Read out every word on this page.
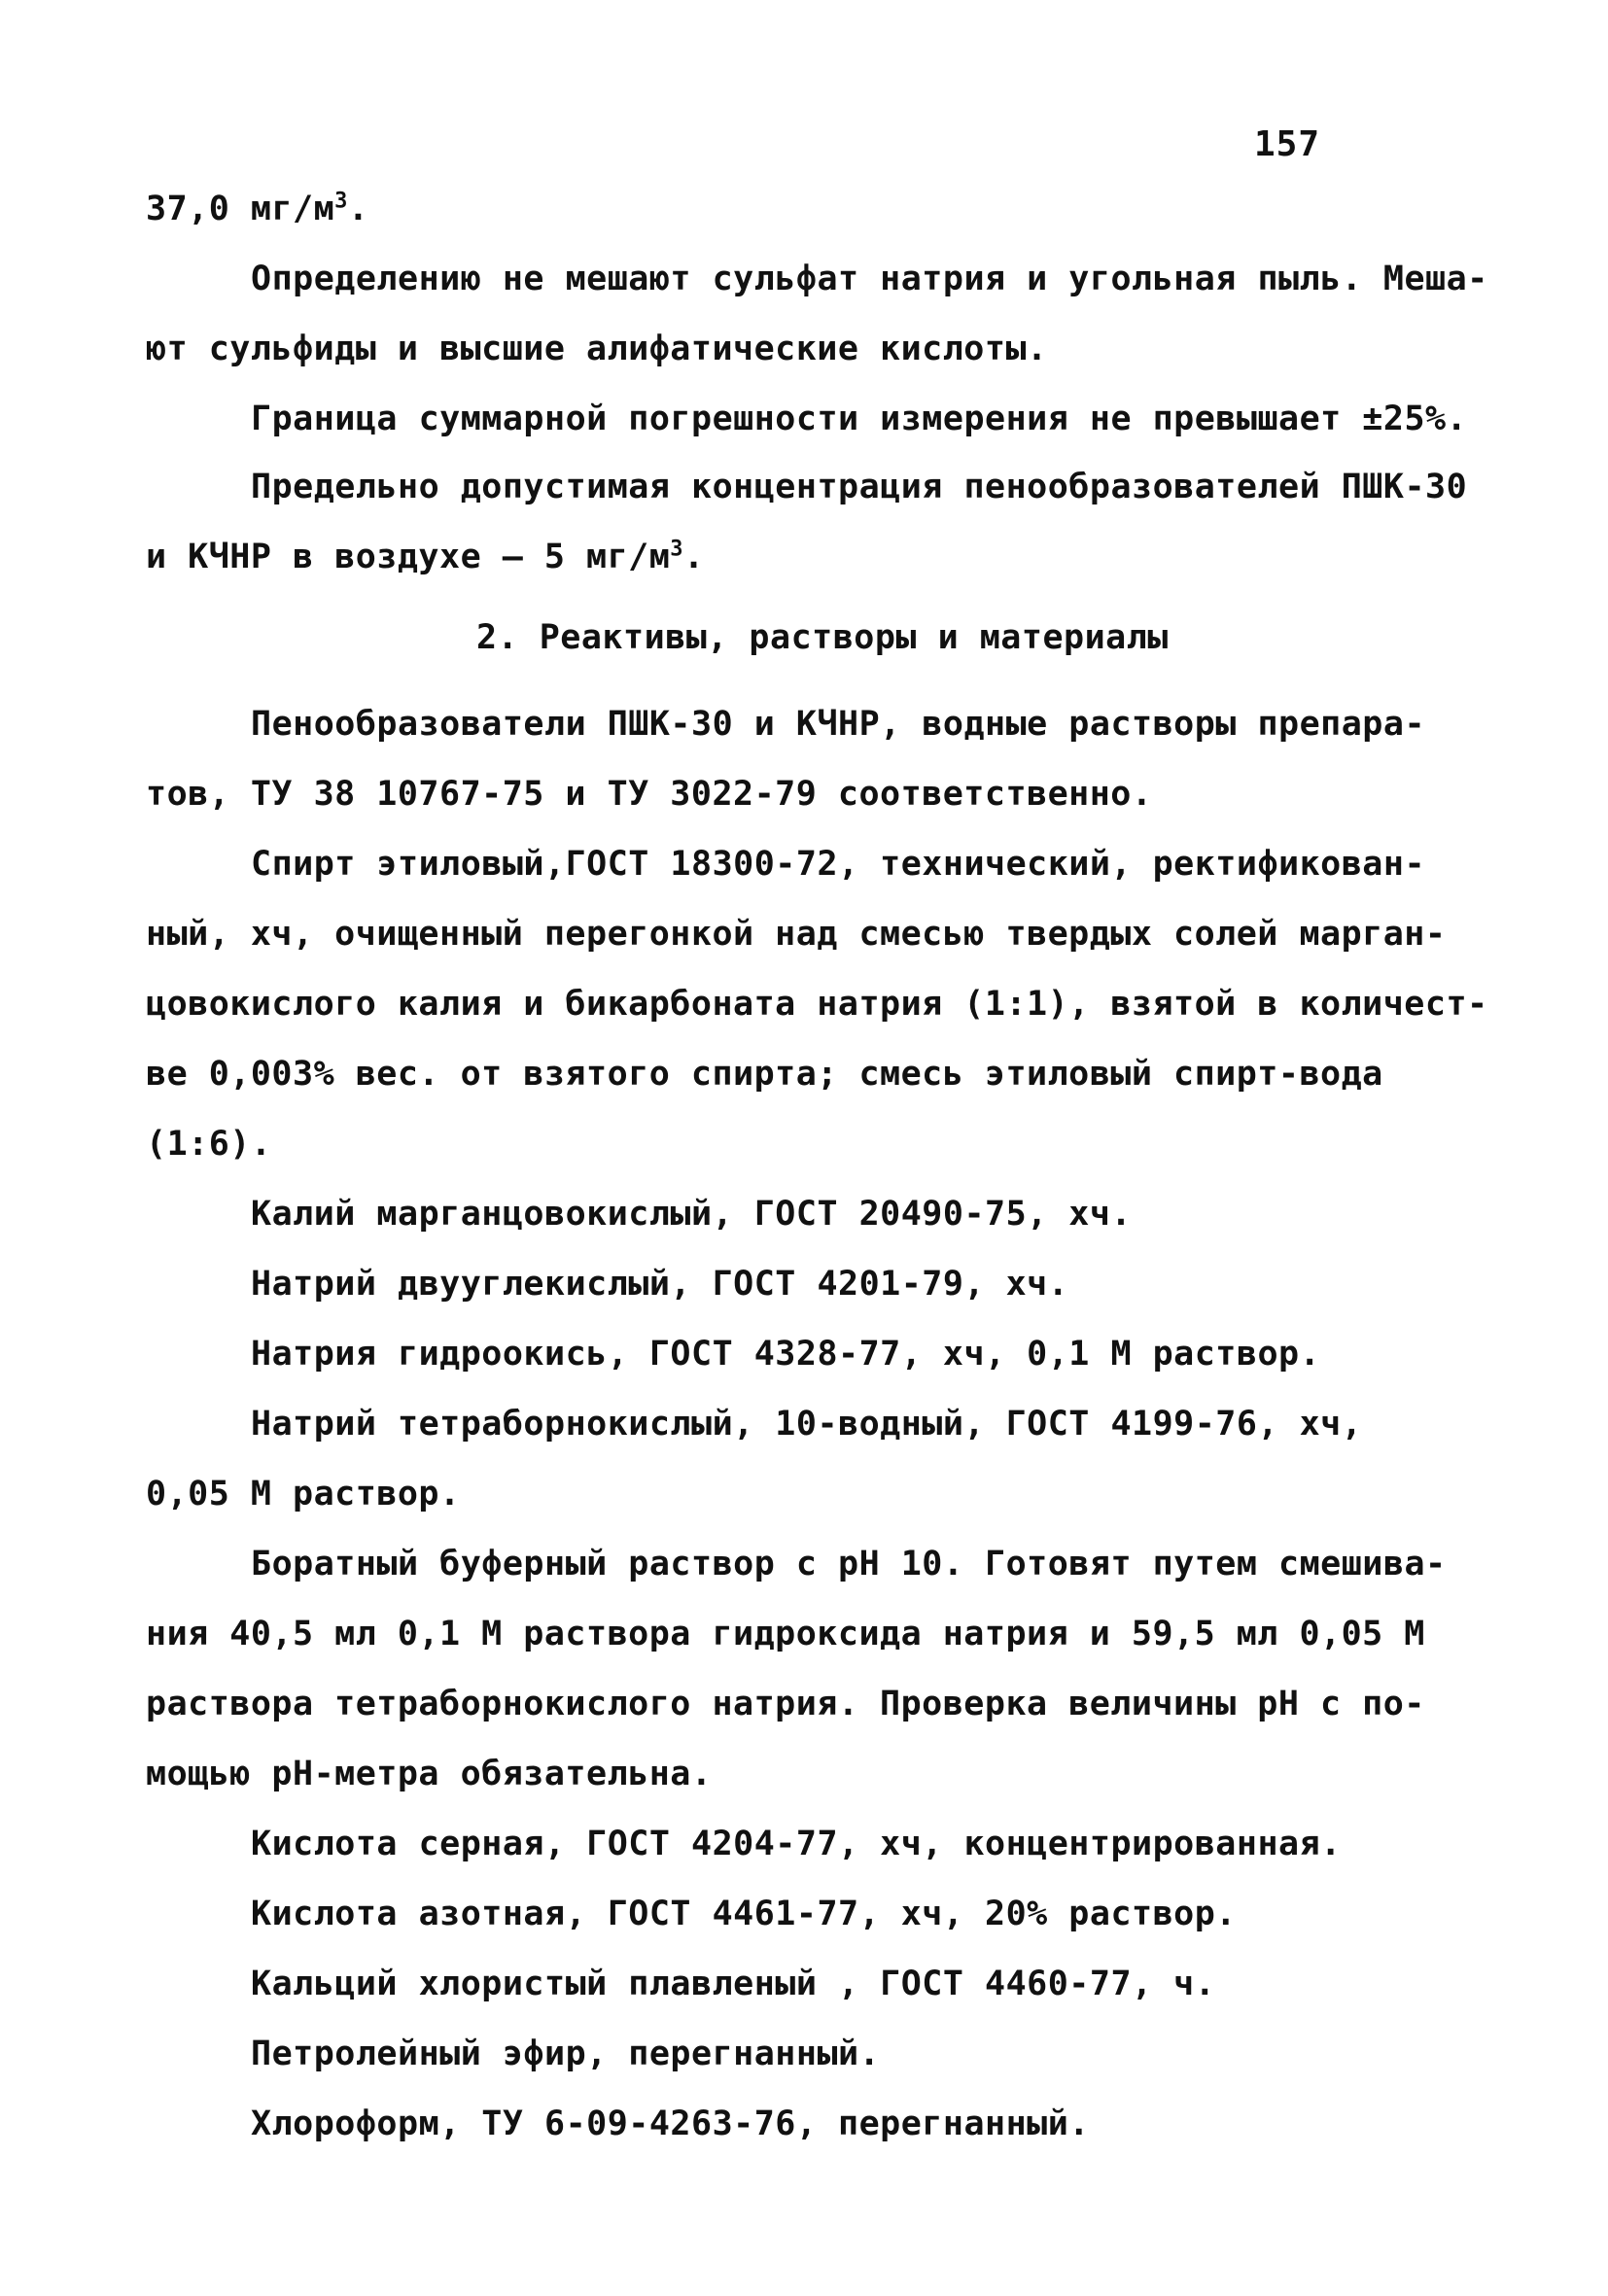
157
37,0 $мг/м^3$.
Определению не мешают сульфат натрия и угольная пыль. Меша-
ют сульфиды и высшие алифатические кислоты.
Граница суммарной погрешности измерения не превышает ±25%.
Предельно допустимая концентрация пенообразователей ПШК-30
и КЧНР в воздухе – 5 $мг/м^3$.
2. Реактивы, растворы и материалы
Пенообразователи ПШК-30 и КЧНР, водные растворы препара-
тов, ТУ 38 10767-75 и ТУ 3022-79 соответственно.
Спирт этиловый,ГОСТ 18300-72, технический, ректификован-
ный, хч, очищенный перегонкой над смесью твердых солей марган-
цовокислого калия и бикарбоната натрия (1:1), взятой в количест-
ве 0,003% вес. от взятого спирта; смесь этиловый спирт-вода
(1:6).
Калий марганцовокислый, ГОСТ 20490-75, хч.
Натрий двууглекислый, ГОСТ 4201-79, хч.
Натрия гидроокись, ГОСТ 4328-77, хч, 0,1 М раствор.
Натрий тетраборнокислый, 10-водный, ГОСТ 4199-76, хч,
0,05 М раствор.
Боратный буферный раствор с pH 10. Готовят путем смешива-
ния 40,5 мл 0,1 М раствора гидроксида натрия и 59,5 мл 0,05 М
раствора тетраборнокислого натрия. Проверка величины pH с по-
мощью pH-метра обязательна.
Кислота серная, ГОСТ 4204-77, хч, концентрированная.
Кислота азотная, ГОСТ 4461-77, хч, 20% раствор.
Кальций хлористый плавленый , ГОСТ 4460-77, ч.
Петролейный эфир, перегнанный.
Хлороформ, ТУ 6-09-4263-76, перегнанный.
